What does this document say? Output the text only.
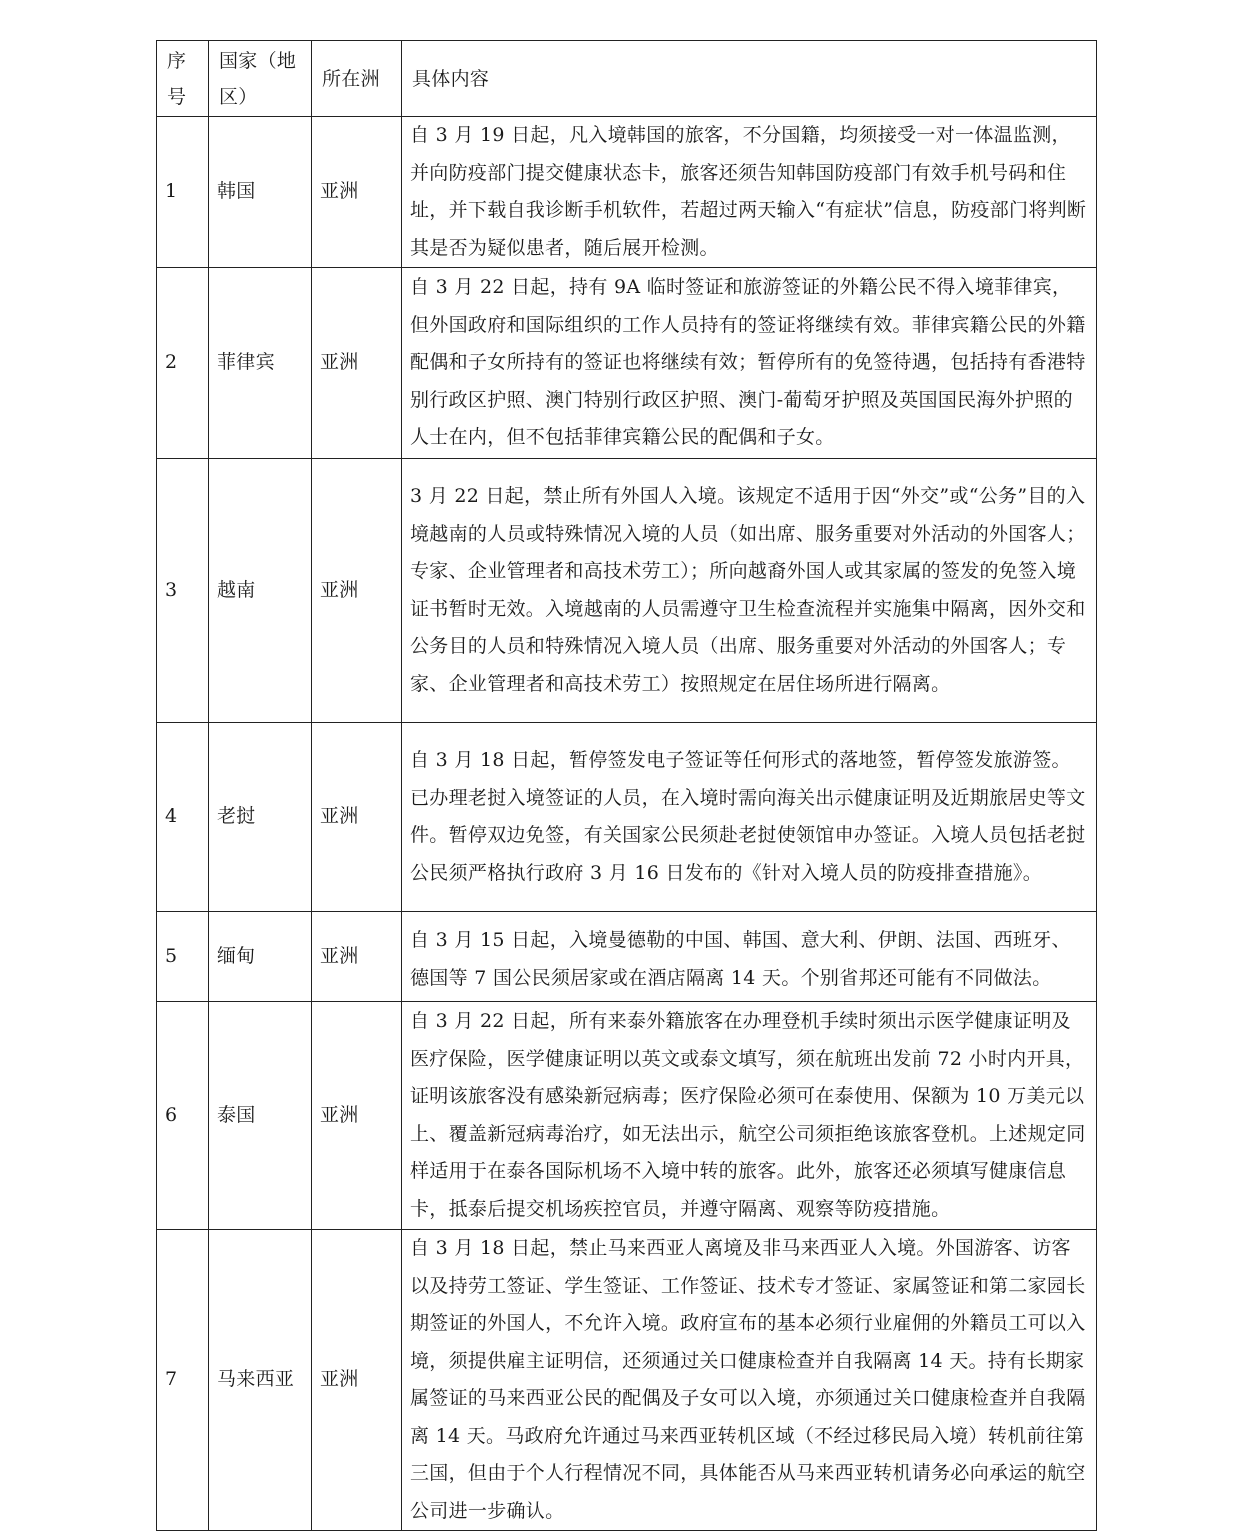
序号	国家（地区）	所在洲	具体内容
1	韩国	亚洲	自 3 月 19 日起，凡入境韩国的旅客，不分国籍，均须接受一对一体温监测，并向防疫部门提交健康状态卡，旅客还须告知韩国防疫部门有效手机号码和住址，并下载自我诊断手机软件，若超过两天输入“有症状”信息，防疫部门将判断其是否为疑似患者，随后展开检测。

2	菲律宾	亚洲	自 3 月 22 日起，持有 9A 临时签证和旅游签证的外籍公民不得入境菲律宾，但外国政府和国际组织的工作人员持有的签证将继续有效。菲律宾籍公民的外籍配偶和子女所持有的签证也将继续有效；暂停所有的免签待遇，包括持有香港特别行政区护照、澳门特别行政区护照、澳门-葡萄牙护照及英国国民海外护照的人士在内，但不包括菲律宾籍公民的配偶和子女。

3	越南	亚洲	3 月 22 日起，禁止所有外国人入境。该规定不适用于因“外交”或“公务”目的入境越南的人员或特殊情况入境的人员（如出席、服务重要对外活动的外国客人；专家、企业管理者和高技术劳工）；所向越裔外国人或其家属的签发的免签入境证书暂时无效。入境越南的人员需遵守卫生检查流程并实施集中隔离，因外交和公务目的人员和特殊情况入境人员（出席、服务重要对外活动的外国客人；专家、企业管理者和高技术劳工）按照规定在居住场所进行隔离。

4	老挝	亚洲	自 3 月 18 日起，暂停签发电子签证等任何形式的落地签，暂停签发旅游签。已办理老挝入境签证的人员，在入境时需向海关出示健康证明及近期旅居史等文件。暂停双边免签，有关国家公民须赴老挝使领馆申办签证。入境人员包括老挝公民须严格执行政府 3 月 16 日发布的《针对入境人员的防疫排查措施》。

5	缅甸	亚洲	自 3 月 15 日起，入境曼德勒的中国、韩国、意大利、伊朗、法国、西班牙、德国等 7 国公民须居家或在酒店隔离 14 天。个别省邦还可能有不同做法。

6	泰国	亚洲	自 3 月 22 日起，所有来泰外籍旅客在办理登机手续时须出示医学健康证明及医疗保险，医学健康证明以英文或泰文填写，须在航班出发前 72 小时内开具，证明该旅客没有感染新冠病毒；医疗保险必须可在泰使用、保额为 10 万美元以上、覆盖新冠病毒治疗，如无法出示，航空公司须拒绝该旅客登机。上述规定同样适用于在泰各国际机场不入境中转的旅客。此外，旅客还必须填写健康信息卡，抵泰后提交机场疾控官员，并遵守隔离、观察等防疫措施。

7	马来西亚	亚洲	自 3 月 18 日起，禁止马来西亚人离境及非马来西亚人入境。外国游客、访客以及持劳工签证、学生签证、工作签证、技术专才签证、家属签证和第二家园长期签证的外国人，不允许入境。政府宣布的基本必须行业雇佣的外籍员工可以入境，须提供雇主证明信，还须通过关口健康检查并自我隔离 14 天。持有长期家属签证的马来西亚公民的配偶及子女可以入境，亦须通过关口健康检查并自我隔离 14 天。马政府允许通过马来西亚转机区域（不经过移民局入境）转机前往第三国，但由于个人行程情况不同，具体能否从马来西亚转机请务必向承运的航空公司进一步确认。
